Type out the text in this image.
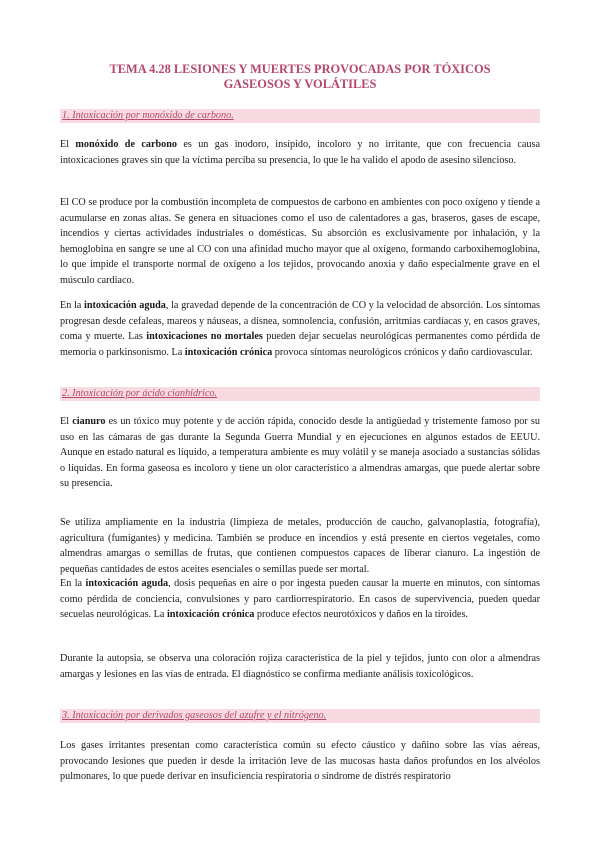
TEMA 4.28 LESIONES Y MUERTES PROVOCADAS POR TÓXICOS
GASEOSOS Y VOLÁTILES
1. Intoxicación por monóxido de carbono.

El monóxido de carbono es un gas inodoro, insípido, incoloro y no irritante, que con frecuencia causa intoxicaciones graves sin que la víctima perciba su presencia, lo que le ha valido el apodo de asesino silencioso.

El CO se produce por la combustión incompleta de compuestos de carbono en ambientes con poco oxígeno y tiende a acumularse en zonas altas. Se genera en situaciones como el uso de calentadores a gas, braseros, gases de escape, incendios y ciertas actividades industriales o domésticas. Su absorción es exclusivamente por inhalación, y la hemoglobina en sangre se une al CO con una afinidad mucho mayor que al oxígeno, formando carboxihemoglobina, lo que impide el transporte normal de oxígeno a los tejidos, provocando anoxia y daño especialmente grave en el músculo cardíaco.

En la intoxicación aguda, la gravedad depende de la concentración de CO y la velocidad de absorción. Los síntomas progresan desde cefaleas, mareos y náuseas, a disnea, somnolencia, confusión, arritmias cardíacas y, en casos graves, coma y muerte. Las intoxicaciones no mortales pueden dejar secuelas neurológicas permanentes como pérdida de memoria o parkinsonismo. La intoxicación crónica provoca síntomas neurológicos crónicos y daño cardiovascular.

2. Intoxicación por ácido cianhídrico.

El cianuro es un tóxico muy potente y de acción rápida, conocido desde la antigüedad y tristemente famoso por su uso en las cámaras de gas durante la Segunda Guerra Mundial y en ejecuciones en algunos estados de EEUU. Aunque en estado natural es líquido, a temperatura ambiente es muy volátil y se maneja asociado a sustancias sólidas o líquidas. En forma gaseosa es incoloro y tiene un olor característico a almendras amargas, que puede alertar sobre su presencia.

Se utiliza ampliamente en la industria (limpieza de metales, producción de caucho, galvanoplastia, fotografía), agricultura (fumigantes) y medicina. También se produce en incendios y está presente en ciertos vegetales, como almendras amargas o semillas de frutas, que contienen compuestos capaces de liberar cianuro. La ingestión de pequeñas cantidades de estos aceites esenciales o semillas puede ser mortal.

En la intoxicación aguda, dosis pequeñas en aire o por ingesta pueden causar la muerte en minutos, con síntomas como pérdida de conciencia, convulsiones y paro cardiorrespiratorio. En casos de supervivencia, pueden quedar secuelas neurológicas. La intoxicación crónica produce efectos neurotóxicos y daños en la tiroides.

Durante la autopsia, se observa una coloración rojiza característica de la piel y tejidos, junto con olor a almendras amargas y lesiones en las vías de entrada. El diagnóstico se confirma mediante análisis toxicológicos.

3. Intoxicación por derivados gaseosos del azufre y el nitrógeno.

Los gases irritantes presentan como característica común su efecto cáustico y dañino sobre las vías aéreas, provocando lesiones que pueden ir desde la irritación leve de las mucosas hasta daños profundos en los alvéolos pulmonares, lo que puede derivar en insuficiencia respiratoria o síndrome de distrés respiratorio
